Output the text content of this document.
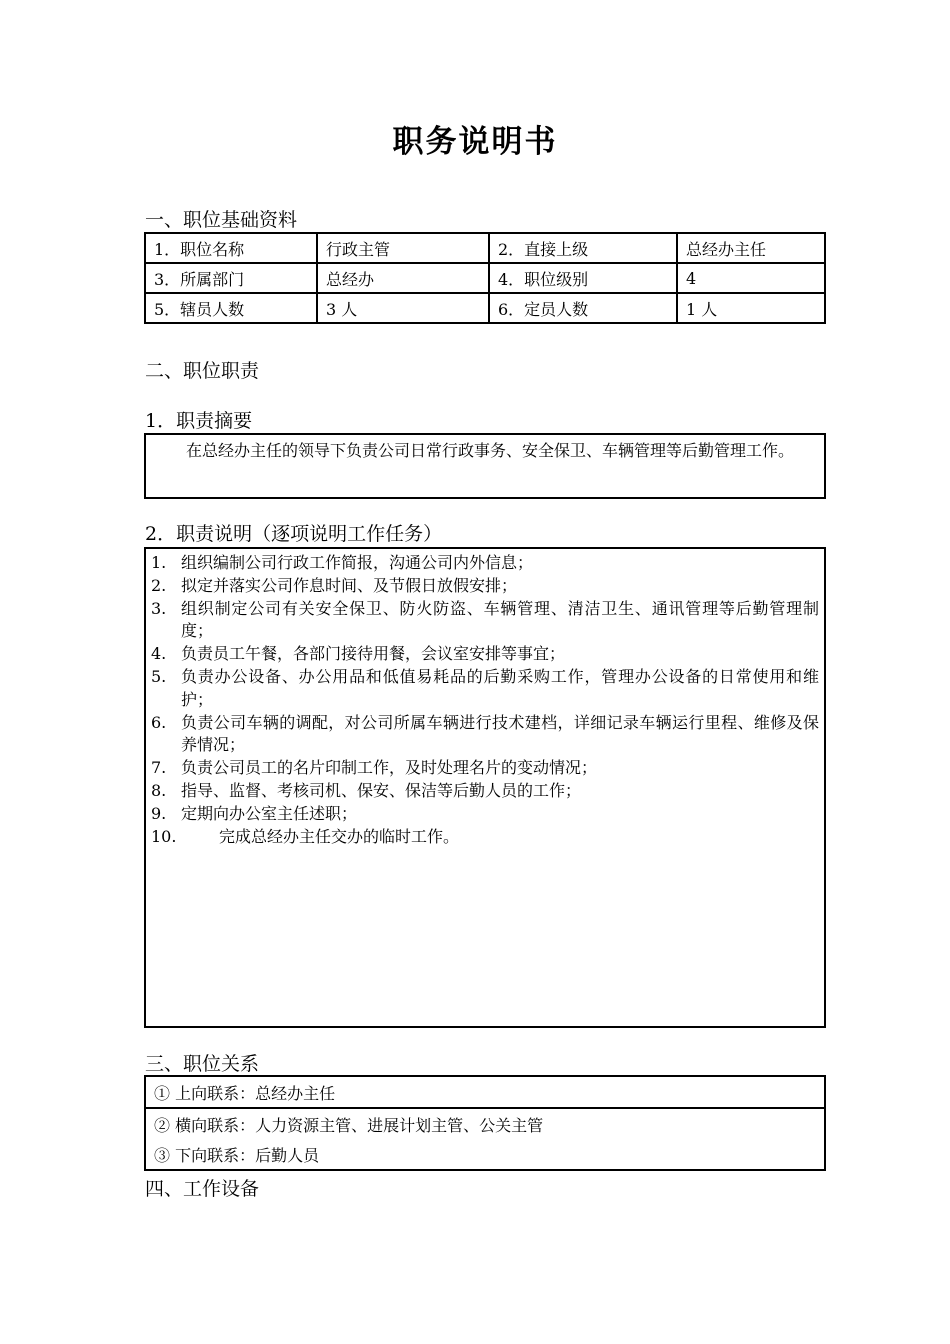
职务说明书
一、职位基础资料
1．职位名称	行政主管	2．直接上级	总经办主任
3．所属部门	总经办	4．职位级别	4
5．辖员人数	3 人	6．定员人数	1 人
二、职位职责
1．职责摘要
在总经办主任的领导下负责公司日常行政事务、安全保卫、车辆管理等后勤管理工作。
2．职责说明（逐项说明工作任务）
1. 组织编制公司行政工作简报，沟通公司内外信息；
2. 拟定并落实公司作息时间、及节假日放假安排；
3. 组织制定公司有关安全保卫、防火防盗、车辆管理、清洁卫生、通讯管理等后勤管理制度；
4. 负责员工午餐，各部门接待用餐，会议室安排等事宜；
5. 负责办公设备、办公用品和低值易耗品的后勤采购工作，管理办公设备的日常使用和维护；
6. 负责公司车辆的调配，对公司所属车辆进行技术建档，详细记录车辆运行里程、维修及保养情况；
7. 负责公司员工的名片印制工作，及时处理名片的变动情况；
8. 指导、监督、考核司机、保安、保洁等后勤人员的工作；
9. 定期向办公室主任述职；
10.	完成总经办主任交办的临时工作。
三、职位关系
① 上向联系：总经办主任
② 横向联系：人力资源主管、进展计划主管、公关主管
③ 下向联系：后勤人员
四、工作设备
